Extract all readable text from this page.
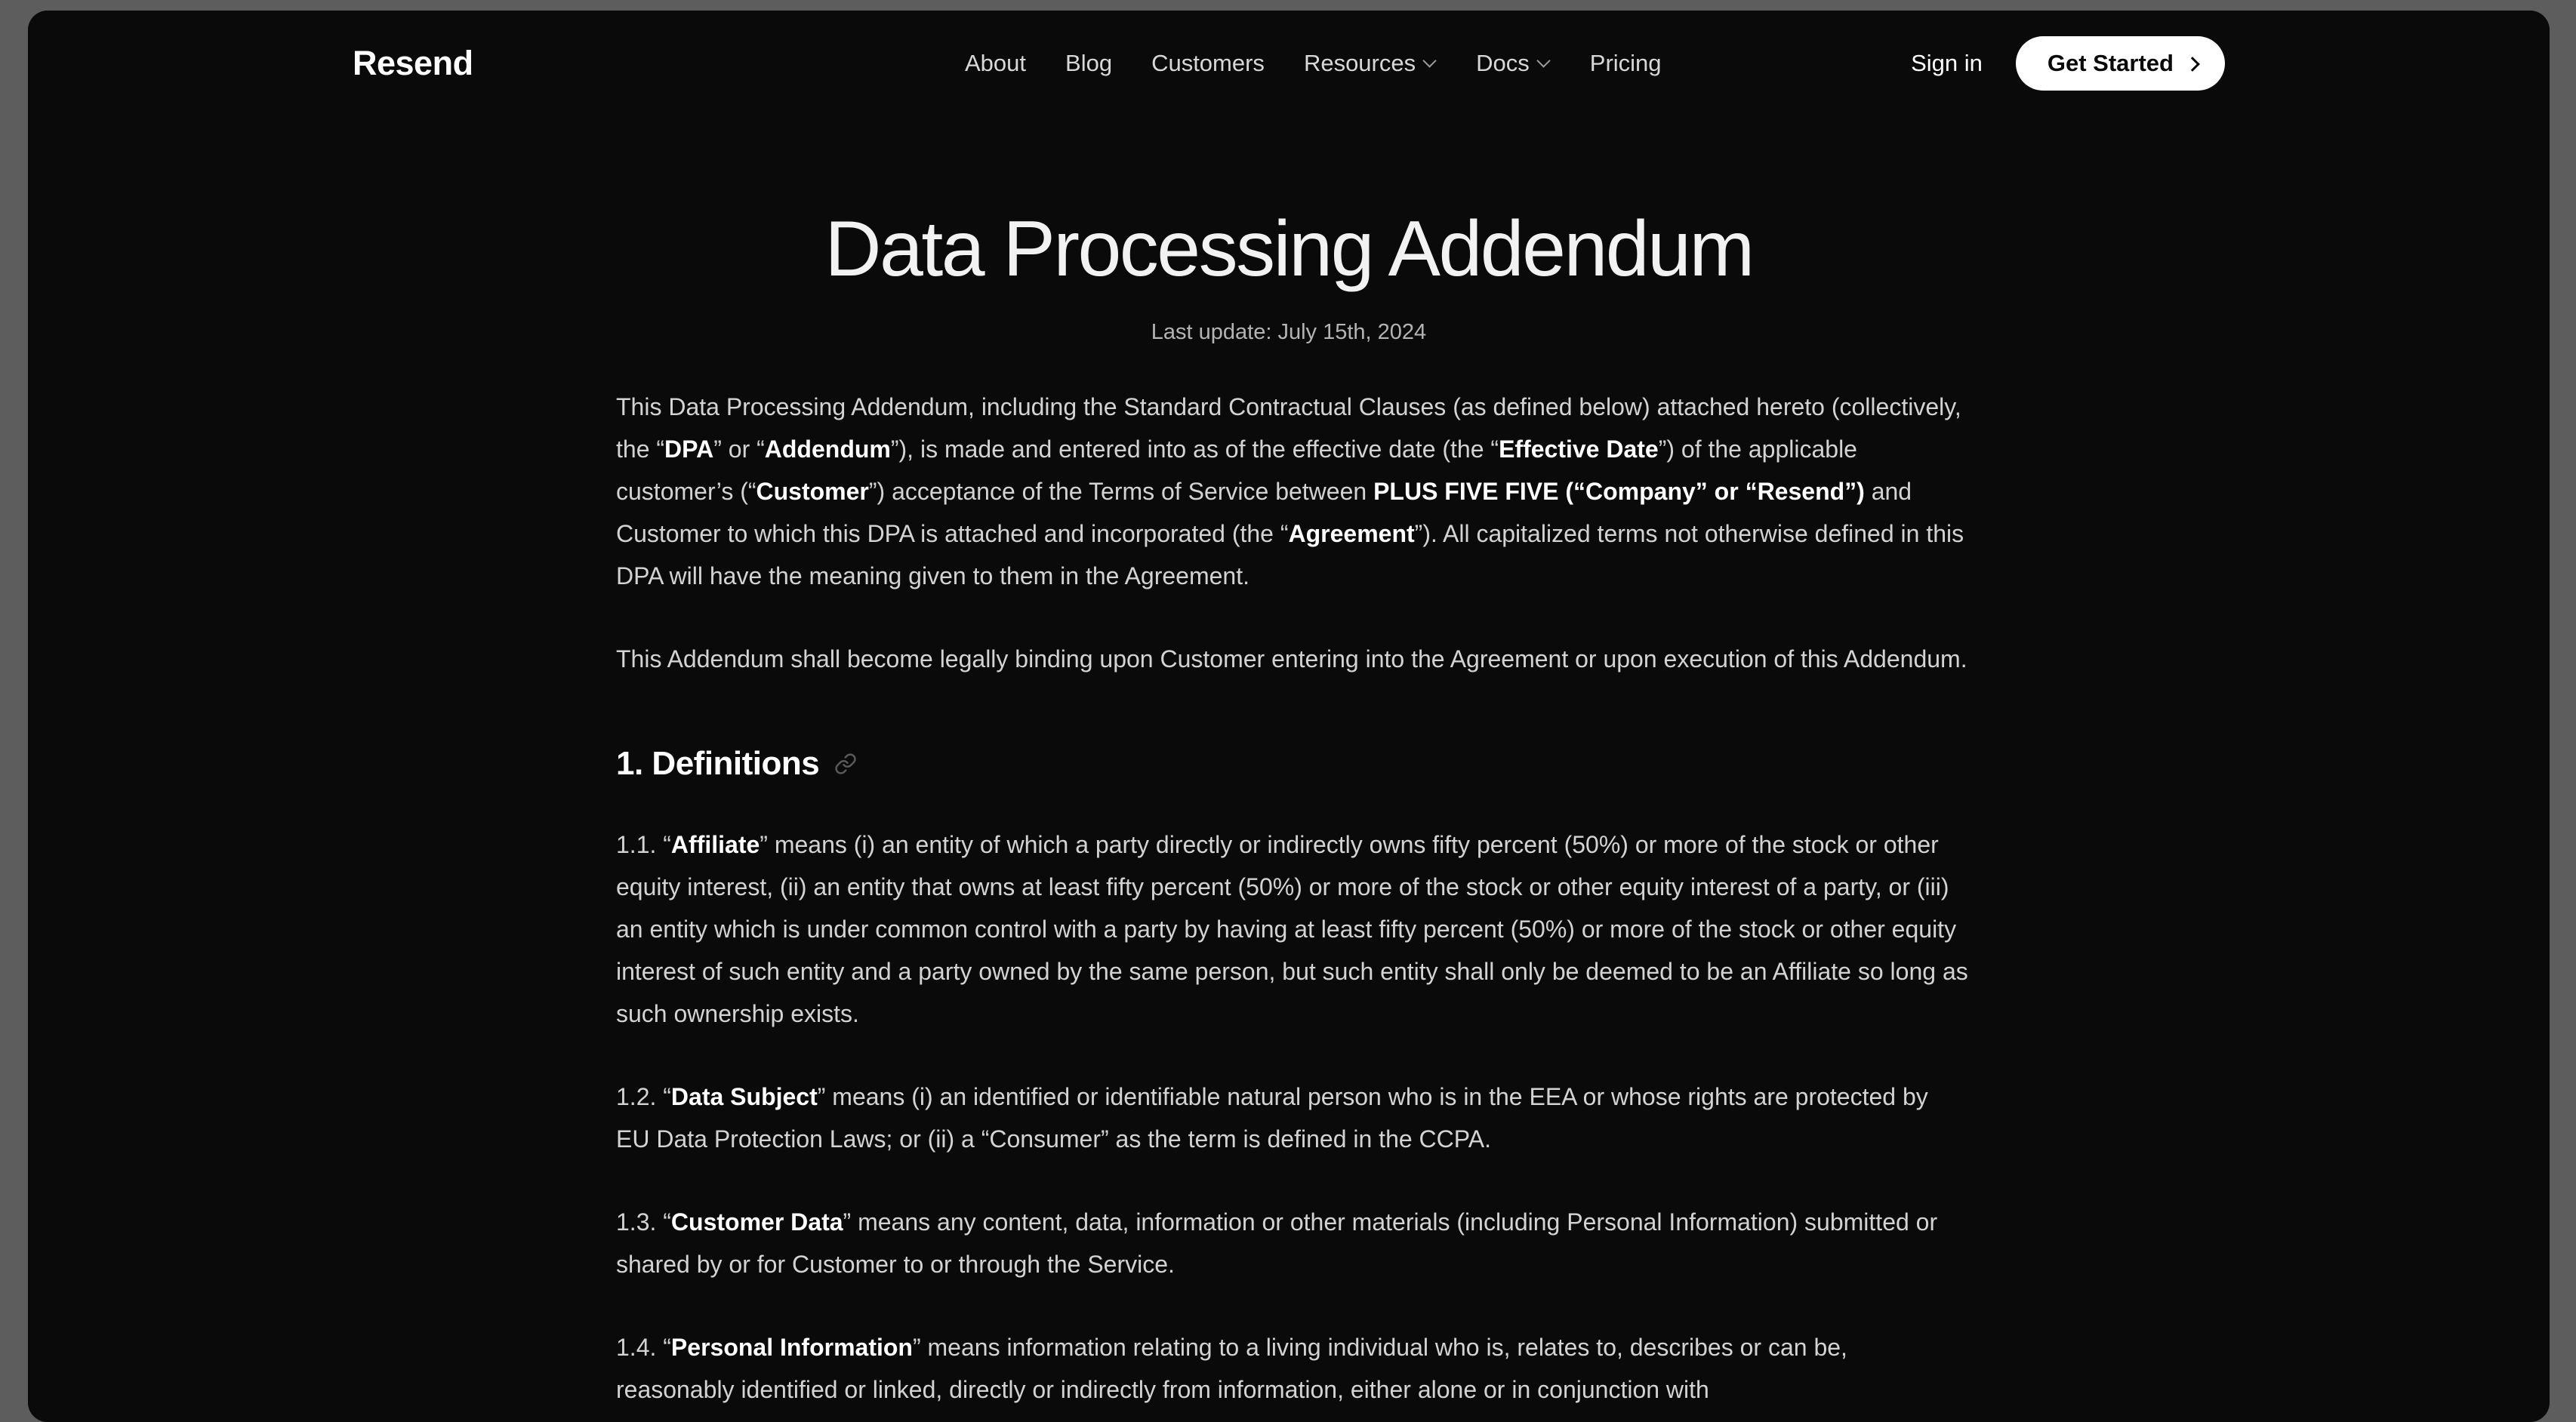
Resend	About Blog Customers Resources	Docs	Pricing	Sign in	Get Started
Data Processing Addendum
Last update: July 15th, 2024

This Data Processing Addendum, including the Standard Contractual Clauses (as defined below) attached hereto (collectively, the “DPA” or “Addendum”), is made and entered into as of the effective date (the “Effective Date”) of the applicable customer’s (“Customer”) acceptance of the Terms of Service between PLUS FIVE FIVE (“Company” or “Resend”) and Customer to which this DPA is attached and incorporated (the “Agreement”). All capitalized terms not otherwise defined in this DPA will have the meaning given to them in the Agreement.

This Addendum shall become legally binding upon Customer entering into the Agreement or upon execution of this Addendum.

1. Definitions

1.1. “Affiliate” means (i) an entity of which a party directly or indirectly owns fifty percent (50%) or more of the stock or other equity interest, (ii) an entity that owns at least fifty percent (50%) or more of the stock or other equity interest of a party, or (iii) an entity which is under common control with a party by having at least fifty percent (50%) or more of the stock or other equity interest of such entity and a party owned by the same person, but such entity shall only be deemed to be an Affiliate so long as such ownership exists.

1.2. “Data Subject” means (i) an identified or identifiable natural person who is in the EEA or whose rights are protected by EU Data Protection Laws; or (ii) a “Consumer” as the term is defined in the CCPA.

1.3. “Customer Data” means any content, data, information or other materials (including Personal Information) submitted or shared by or for Customer to or through the Service.

1.4. “Personal Information” means information relating to a living individual who is, relates to, describes or can be, reasonably identified or linked, directly or indirectly from information, either alone or in conjunction with
